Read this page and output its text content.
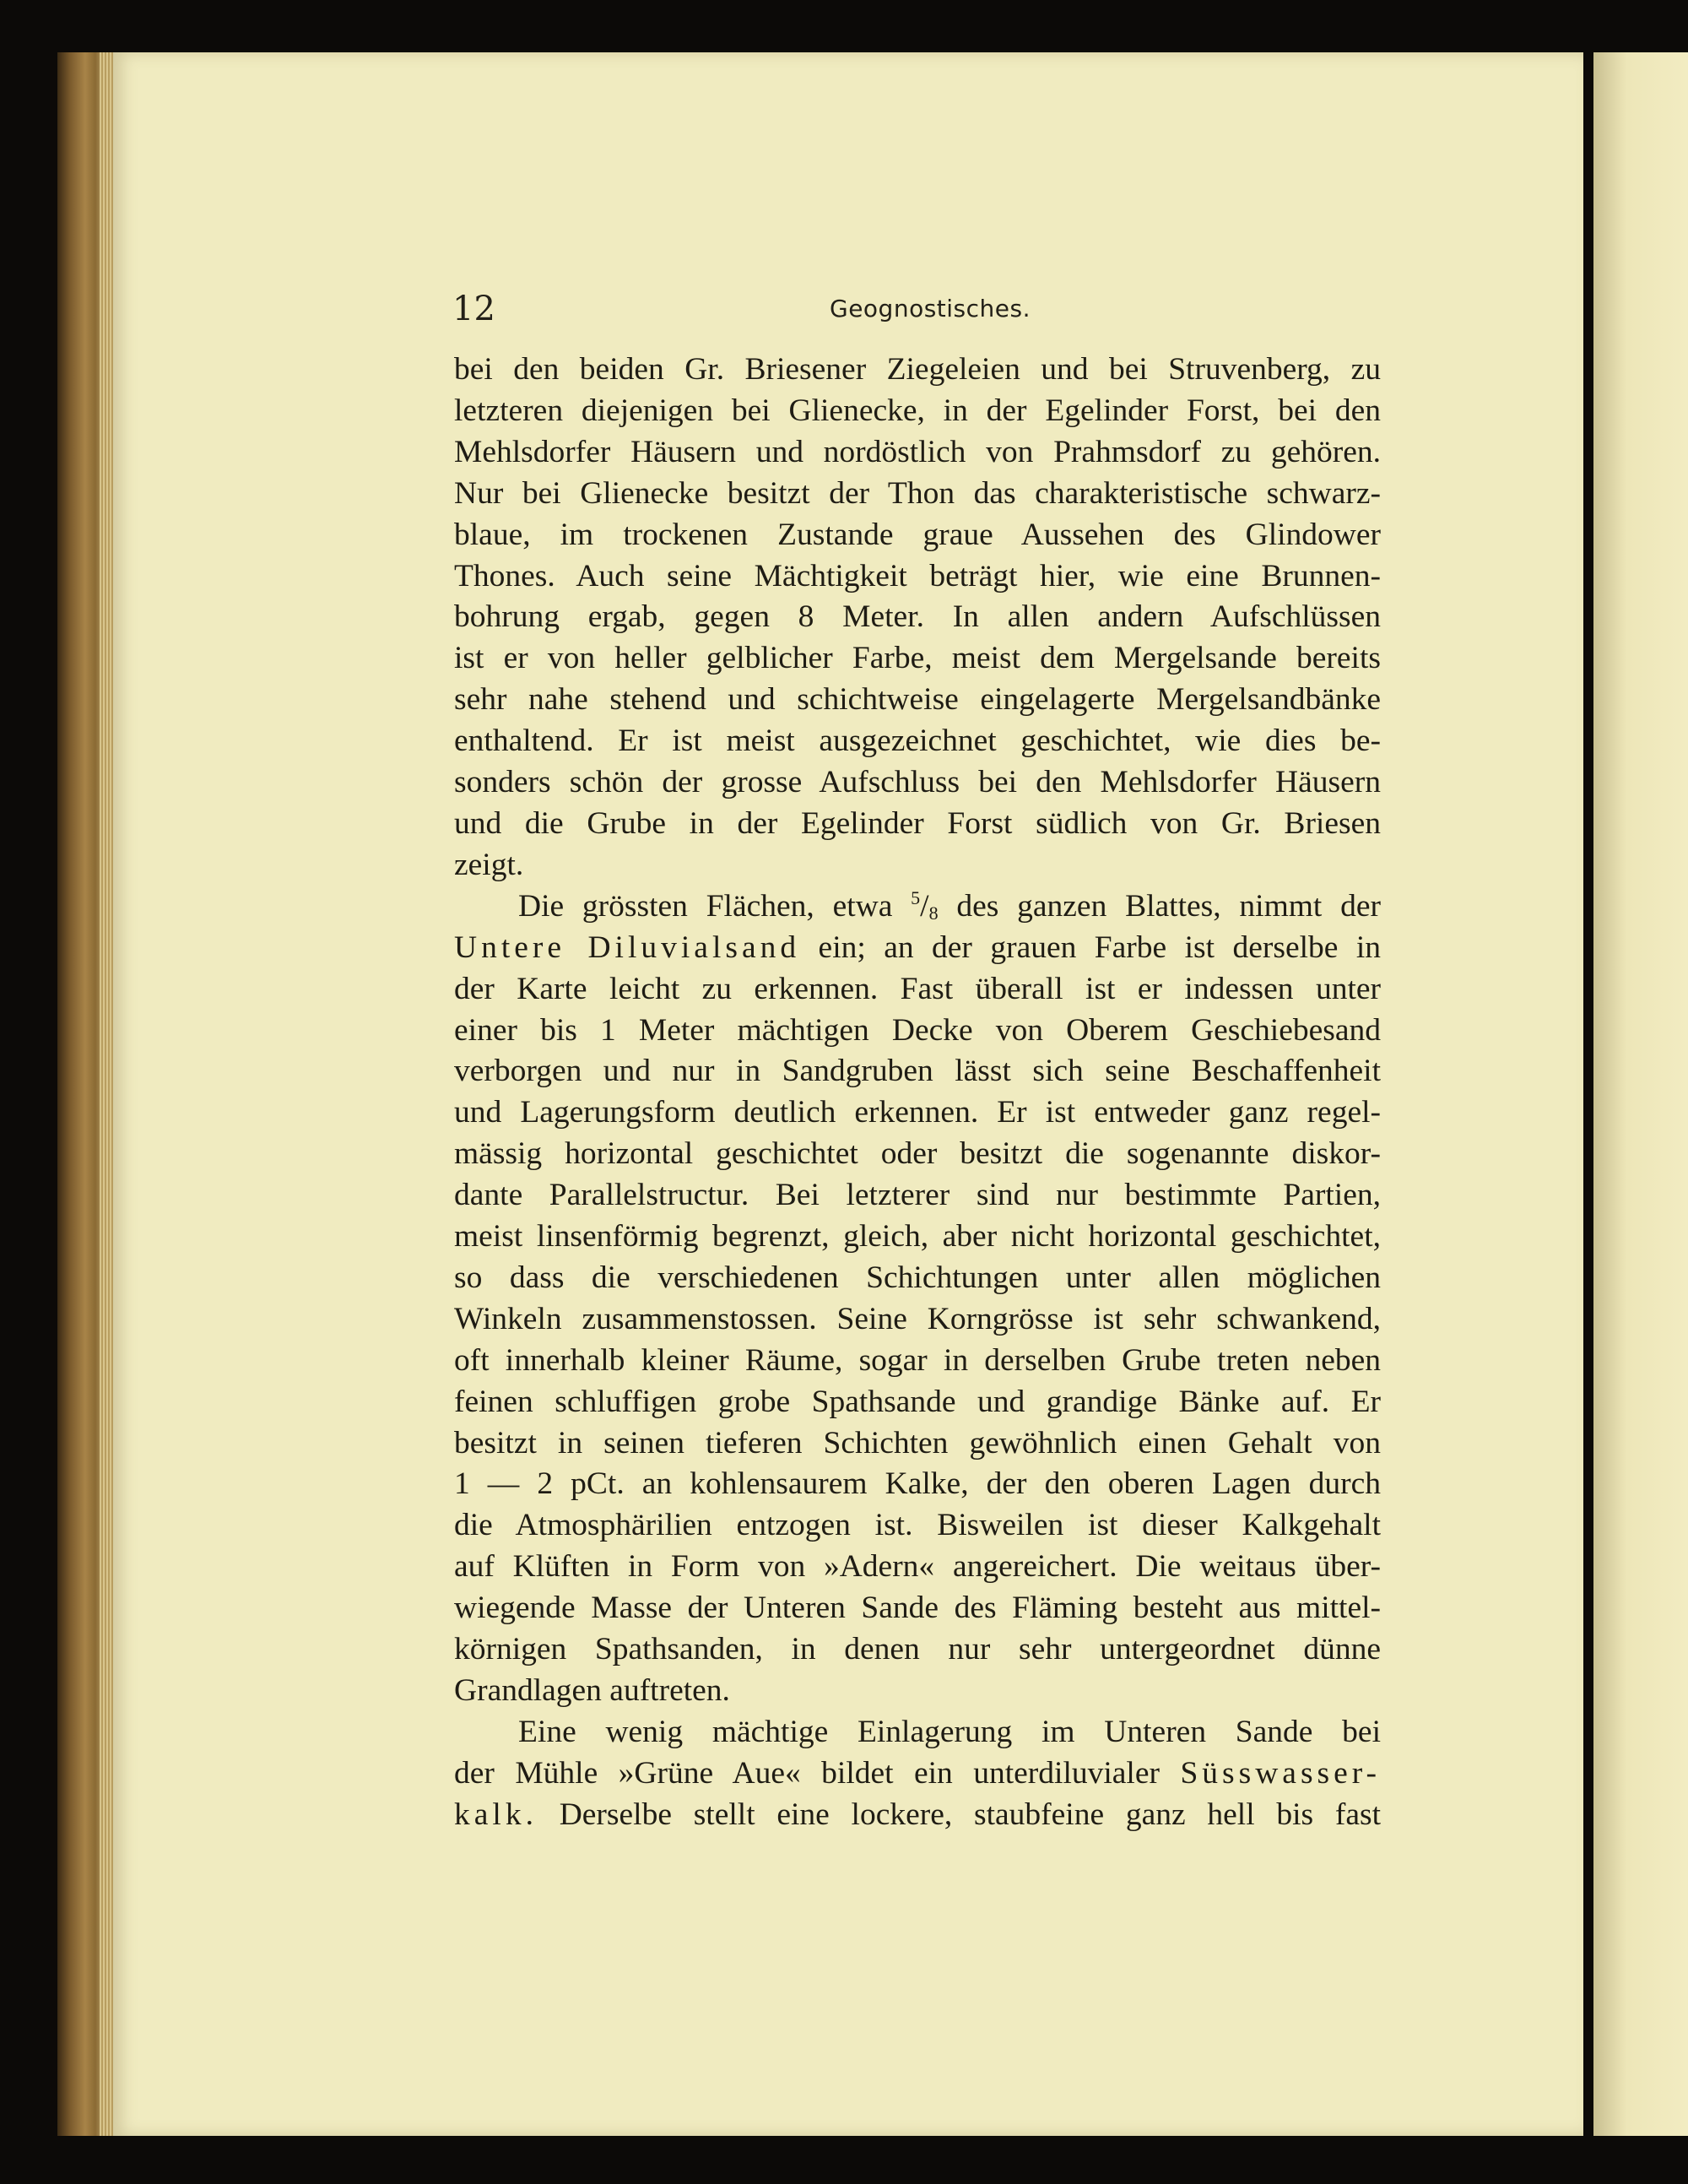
12	Geognostisches.

bei den beiden Gr. Briesener Ziegeleien und bei Struvenberg, zu

letzteren diejenigen bei Glienecke, in der Egelinder Forst, bei den

Mehlsdorfer Häusern und nordöstlich von Prahmsdorf zu gehören.

Nur bei Glienecke besitzt der Thon das charakteristische schwarz-

blaue, im trockenen Zustande graue Aussehen des Glindower

Thones. Auch seine Mächtigkeit beträgt hier, wie eine Brunnen-

bohrung ergab, gegen 8 Meter. In allen andern Aufschlüssen

ist er von heller gelblicher Farbe, meist dem Mergelsande bereits

sehr nahe stehend und schichtweise eingelagerte Mergelsandbänke

enthaltend. Er ist meist ausgezeichnet geschichtet, wie dies be-

sonders schön der grosse Aufschluss bei den Mehlsdorfer Häusern

und die Grube in der Egelinder Forst südlich von Gr. Briesen

zeigt.

Die grössten Flächen, etwa $^5/_8$ des ganzen Blattes, nimmt der

Untere Diluvialsand ein; an der grauen Farbe ist derselbe in

der Karte leicht zu erkennen. Fast überall ist er indessen unter

einer bis 1 Meter mächtigen Decke von Oberem Geschiebesand

verborgen und nur in Sandgruben lässt sich seine Beschaffenheit

und Lagerungsform deutlich erkennen. Er ist entweder ganz regel-

mässig horizontal geschichtet oder besitzt die sogenannte diskor-

dante Parallelstructur. Bei letzterer sind nur bestimmte Partien,

meist linsenförmig begrenzt, gleich, aber nicht horizontal geschichtet,

so dass die verschiedenen Schichtungen unter allen möglichen

Winkeln zusammenstossen. Seine Korngrösse ist sehr schwankend,

oft innerhalb kleiner Räume, sogar in derselben Grube treten neben

feinen schluffigen grobe Spathsande und grandige Bänke auf. Er

besitzt in seinen tieferen Schichten gewöhnlich einen Gehalt von

1 — 2 pCt. an kohlensaurem Kalke, der den oberen Lagen durch

die Atmosphärilien entzogen ist. Bisweilen ist dieser Kalkgehalt

auf Klüften in Form von »Adern« angereichert. Die weitaus über-

wiegende Masse der Unteren Sande des Fläming besteht aus mittel-

körnigen Spathsanden, in denen nur sehr untergeordnet dünne

Grandlagen auftreten.

Eine wenig mächtige Einlagerung im Unteren Sande bei

der Mühle »Grüne Aue« bildet ein unterdiluvialer Süsswasser-

kalk. Derselbe stellt eine lockere, staubfeine ganz hell bis fast
